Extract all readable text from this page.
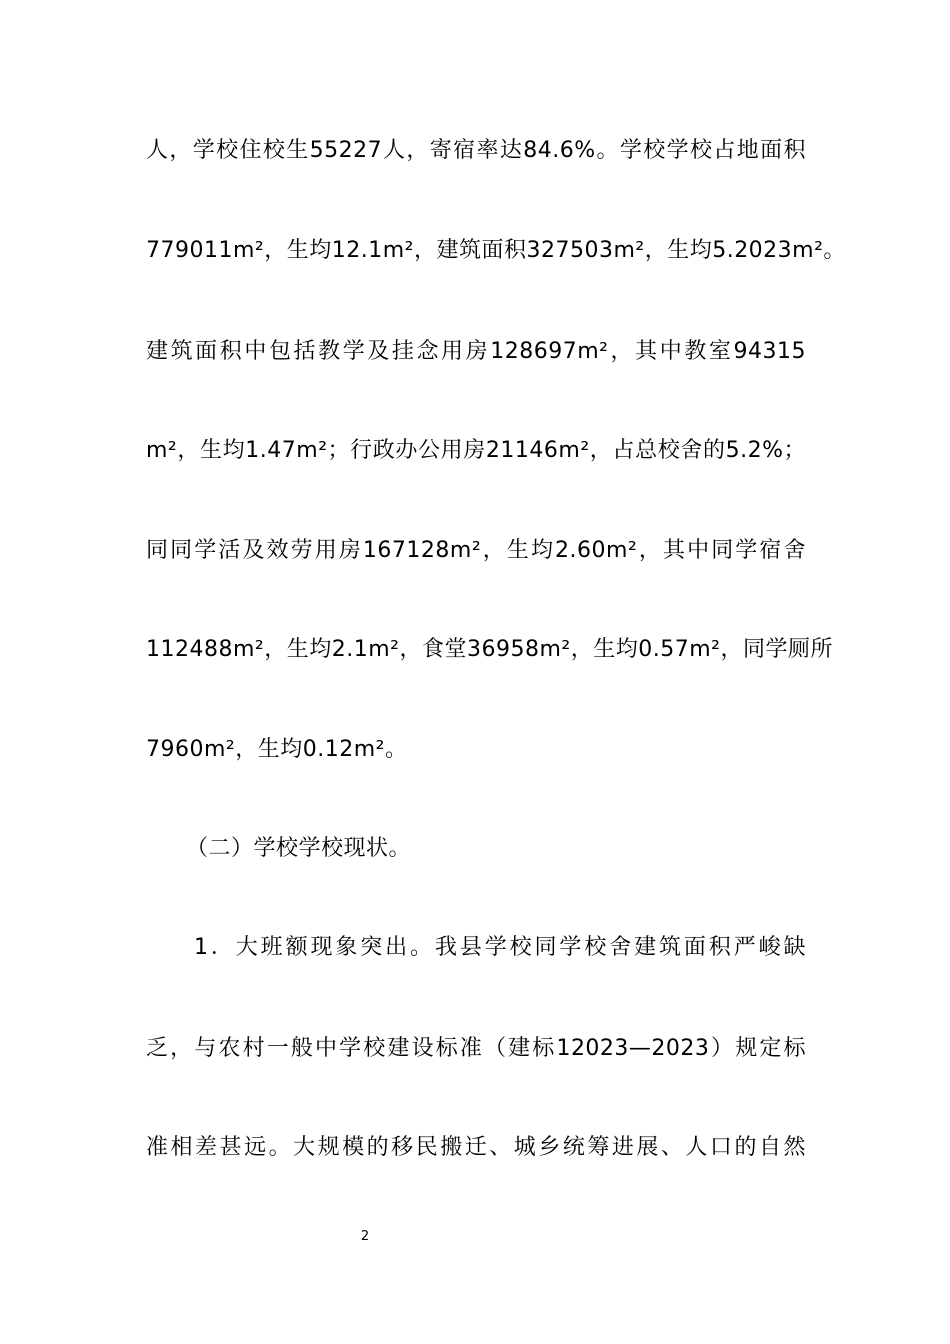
人，学校住校生55227人，寄宿率达84.6%。学校学校占地面积
779011m²，生均12.1m²，建筑面积327503m²，生均5.2023m²。
建筑面积中包括教学及挂念用房128697m²，其中教室94315
m²，生均1.47m²；行政办公用房21146m²，占总校舍的5.2%；
同同学活及效劳用房167128m²，生均2.60m²，其中同学宿舍
112488m²，生均2.1m²，食堂36958m²，生均0.57m²，同学厕所
7960m²，生均0.12m²。
（二）学校学校现状。
1．大班额现象突出。我县学校同学校舍建筑面积严峻缺
乏，与农村一般中学校建设标准（建标12023—2023）规定标
准相差甚远。大规模的移民搬迁、城乡统筹进展、人口的自然
2
